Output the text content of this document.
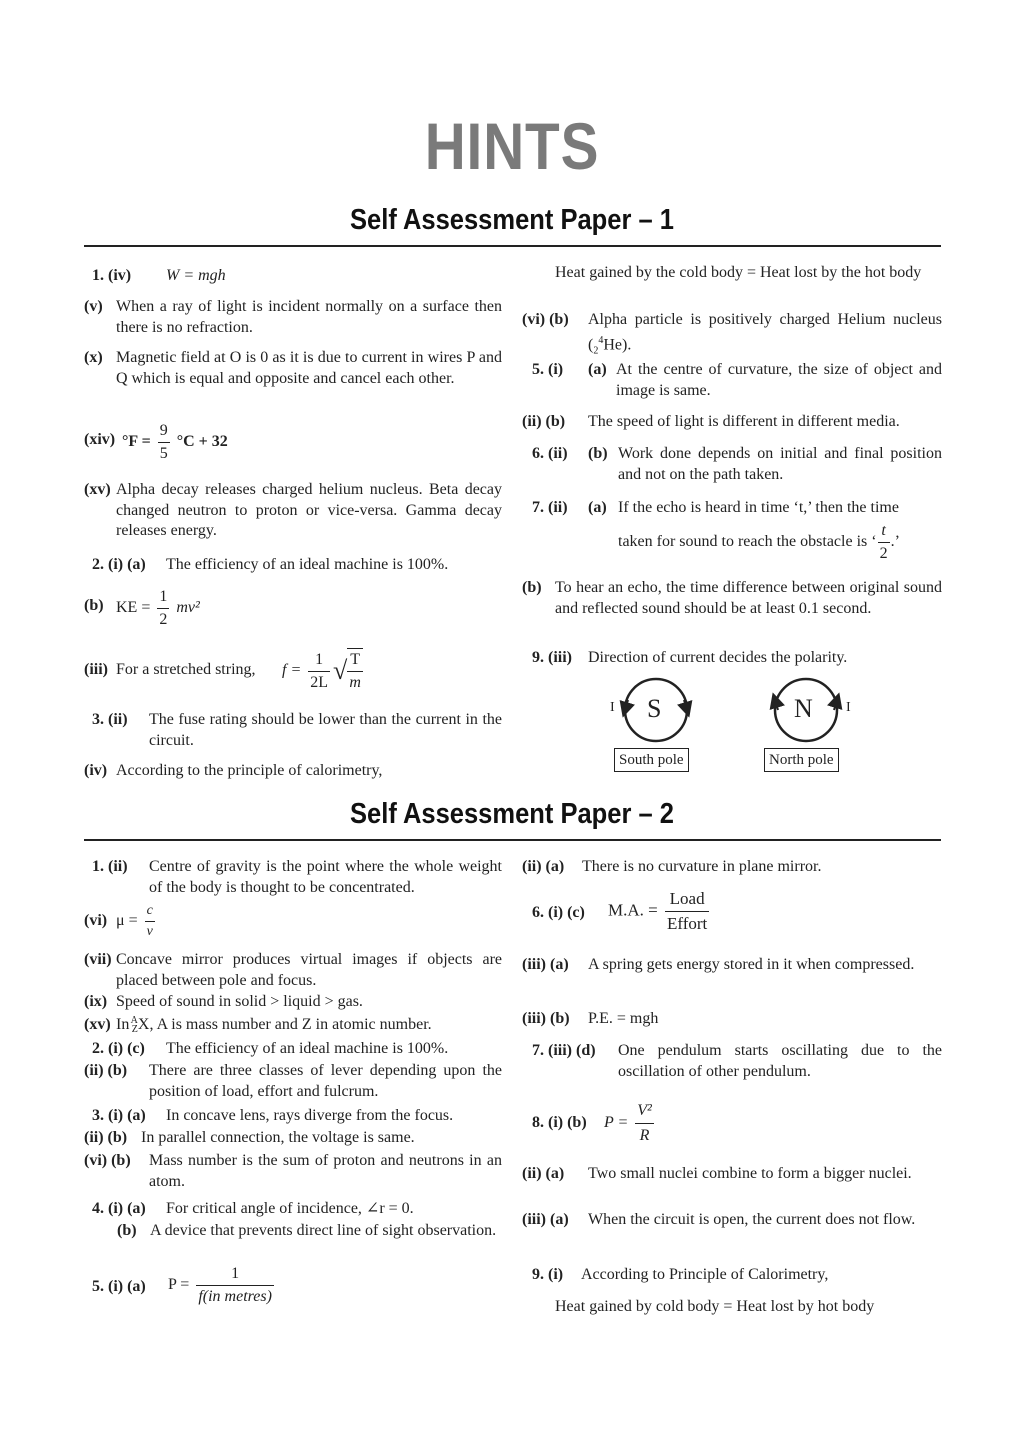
HINTS
Self Assessment Paper – 1
1. (iv) W = mgh
(v) When a ray of light is incident normally on a surface then there is no refraction.
(x) Magnetic field at O is 0 as it is due to current in wires P and Q which is equal and opposite and cancel each other.
(xiv) $^\circ F = \frac{9}{5} ^\circ C + 32$
(xv) Alpha decay releases charged helium nucleus. Beta decay changed neutron to proton or vice-versa. Gamma decay releases energy.
2. (i) (a) The efficiency of an ideal machine is 100%.
(b) KE = $\frac{1}{2} mv^2$
(iii) For a stretched string, $f = \frac{1}{2L}$ √ $\frac{T}{m}$
3. (ii) The fuse rating should be lower than the current in the circuit.
(iv) According to the principle of calorimetry,
Heat gained by the cold body = Heat lost by the hot body
(vi) (b) Alpha particle is positively charged Helium nucleus $(_2^4He)$.
5. (i) (a) At the centre of curvature, the size of object and image is same.
(ii) (b) The speed of light is different in different media.
6. (ii) (b) Work done depends on initial and final position and not on the path taken.
7. (ii) (a) If the echo is heard in time ‘t,’ then the time
taken for sound to reach the obstacle is ‘ $\frac{t}{2}$ .’
(b) To hear an echo, the time difference between original sound and reflected sound should be at least 0.1 second.
9. (iii) Direction of current decides the polarity.
I S	N I
South pole	North pole
Self Assessment Paper – 2
1. (ii) Centre of gravity is the point where the whole weight of the body is thought to be concentrated.
(vi) $\mu = \frac{c}{v}$
(vii) Concave mirror produces virtual images if objects are placed between pole and focus.
(ix) Speed of sound in solid > liquid > gas.
(xv) In  A
Z X, A is mass number and Z in atomic number.
2. (i) (c) The efficiency of an ideal machine is 100%.
(ii) (b) There are three classes of lever depending upon the position of load, effort and fulcrum.
3. (i) (a) In concave lens, rays diverge from the focus.
(ii) (b) In parallel connection, the voltage is same.
(vi) (b) Mass number is the sum of proton and neutrons in an atom.
4. (i) (a) For critical angle of incidence, ∠r = 0.
(b) A device that prevents direct line of sight observation.
5. (i) (a) $P = \frac{1}{\text{f(in metres)}}$
(ii) (a) There is no curvature in plane mirror.
6. (i) (c) M.A. = $\frac{\text{Load}}{\text{Effort}}$
(iii) (a) A spring gets energy stored in it when compressed.
(iii) (b) P.E. = mgh
7. (iii) (d) One pendulum starts oscillating due to the oscillation of other pendulum.
8. (i) (b) $P = \frac{\text{V²}}{R}$
(ii) (a) Two small nuclei combine to form a bigger nuclei.
(iii) (a) When the circuit is open, the current does not flow.
9. (i) According to Principle of Calorimetry,
Heat gained by cold body = Heat lost by hot body
